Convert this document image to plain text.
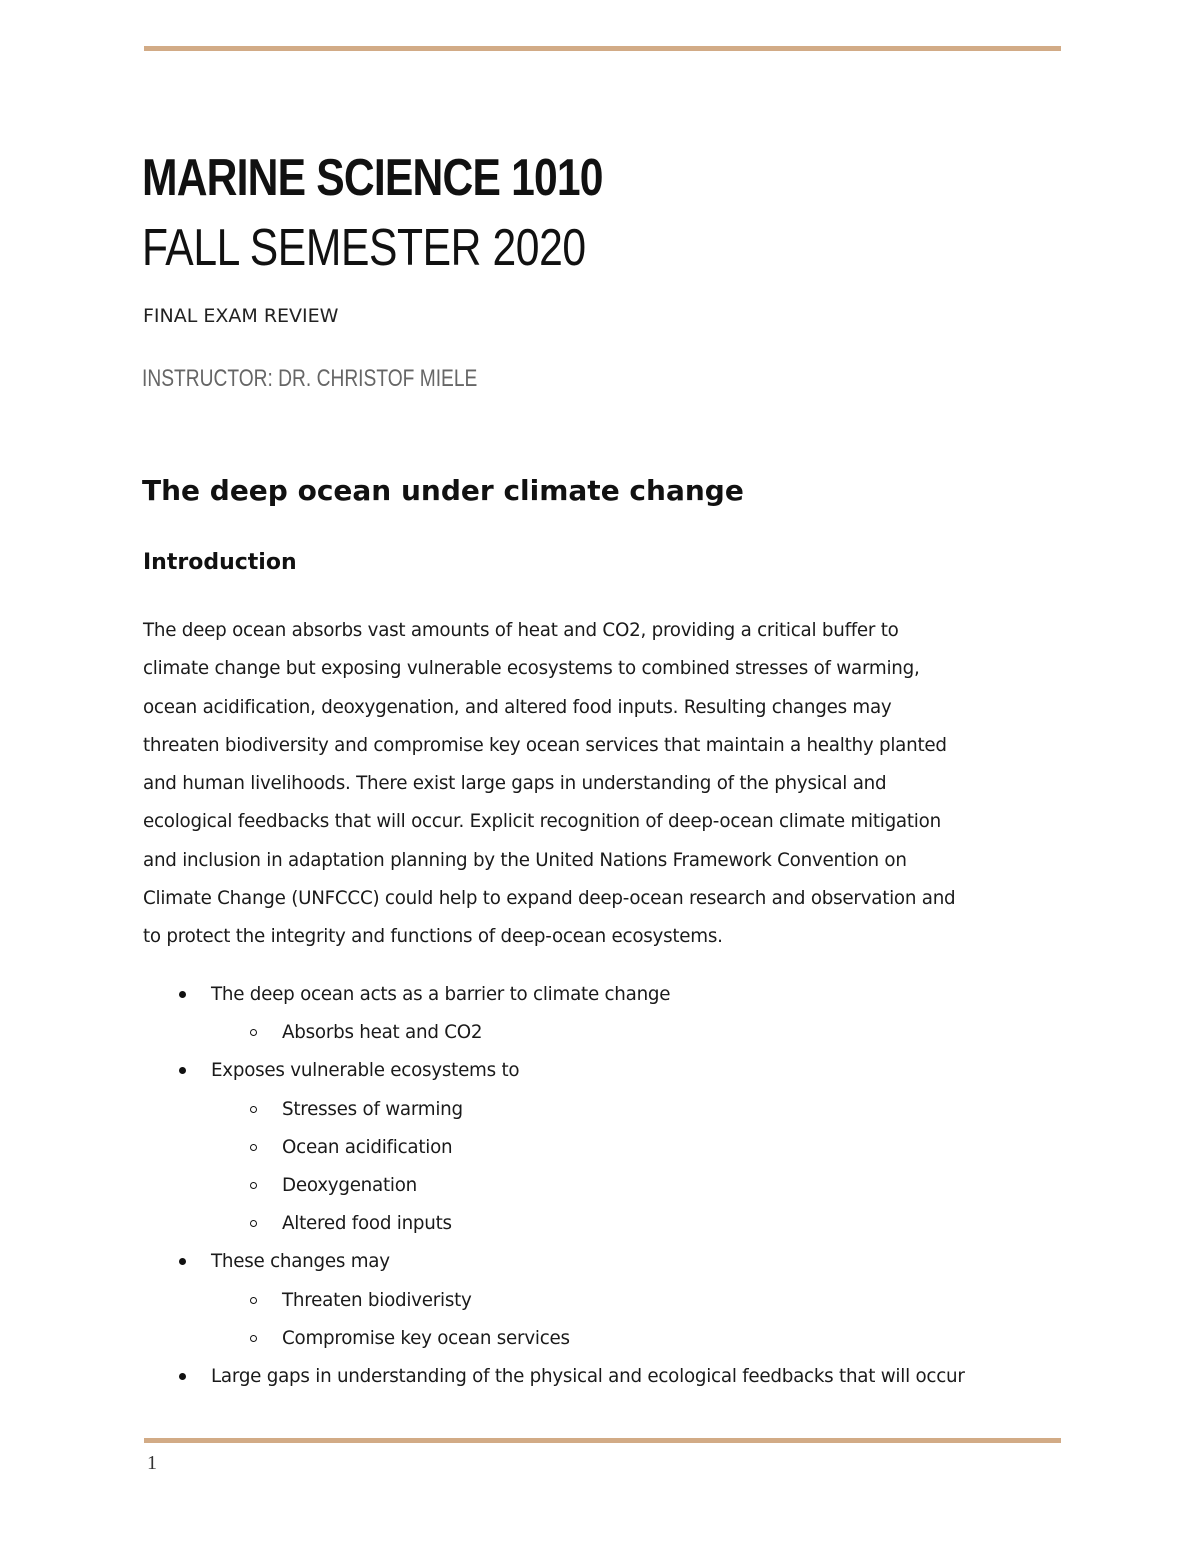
MARINE SCIENCE 1010
FALL SEMESTER 2020
FINAL EXAM REVIEW
INSTRUCTOR: DR. CHRISTOF MIELE
The deep ocean under climate change
Introduction

The deep ocean absorbs vast amounts of heat and CO2, providing a critical buffer to
climate change but exposing vulnerable ecosystems to combined stresses of warming,
ocean acidification, deoxygenation, and altered food inputs. Resulting changes may
threaten biodiversity and compromise key ocean services that maintain a healthy planted
and human livelihoods. There exist large gaps in understanding of the physical and
ecological feedbacks that will occur. Explicit recognition of deep-ocean climate mitigation
and inclusion in adaptation planning by the United Nations Framework Convention on
Climate Change (UNFCCC) could help to expand deep-ocean research and observation and
to protect the integrity and functions of deep-ocean ecosystems.

The deep ocean acts as a barrier to climate change
Absorbs heat and CO2
Exposes vulnerable ecosystems to
Stresses of warming
Ocean acidification
Deoxygenation
Altered food inputs
These changes may
Threaten biodiveristy
Compromise key ocean services
Large gaps in understanding of the physical and ecological feedbacks that will occur
1
